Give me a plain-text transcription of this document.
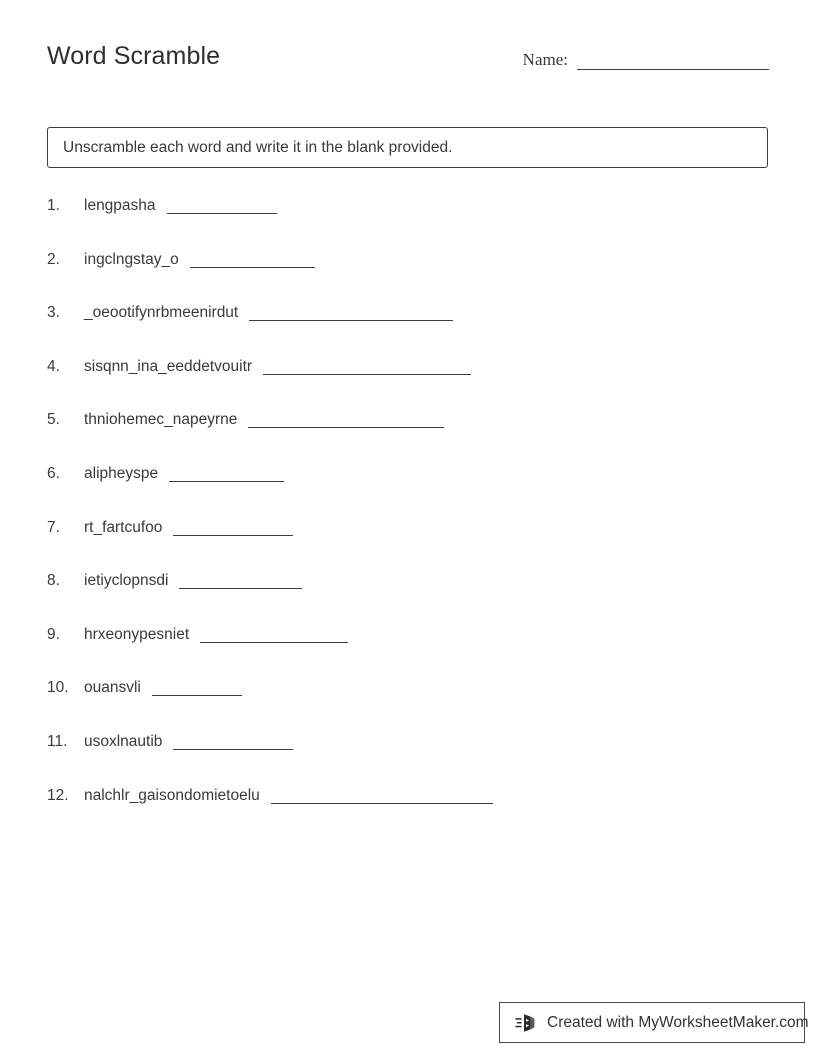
Word Scramble	Name:
Unscramble each word and write it in the blank provided.
1.	lengpasha
2.	ingclngstay_o
3.	_oeootifynrbmeenirdut
4.	sisqnn_ina_eeddetvouitr
5.	thniohemec_napeyrne
6.	alipheyspe
7.	rt_fartcufoo
8.	ietiyclopnsdi
9.	hrxeonypesniet
10. ouansvli
11.	usoxlnautib
12. nalchlr_gaisondomietoelu
Created with MyWorksheetMaker.com
